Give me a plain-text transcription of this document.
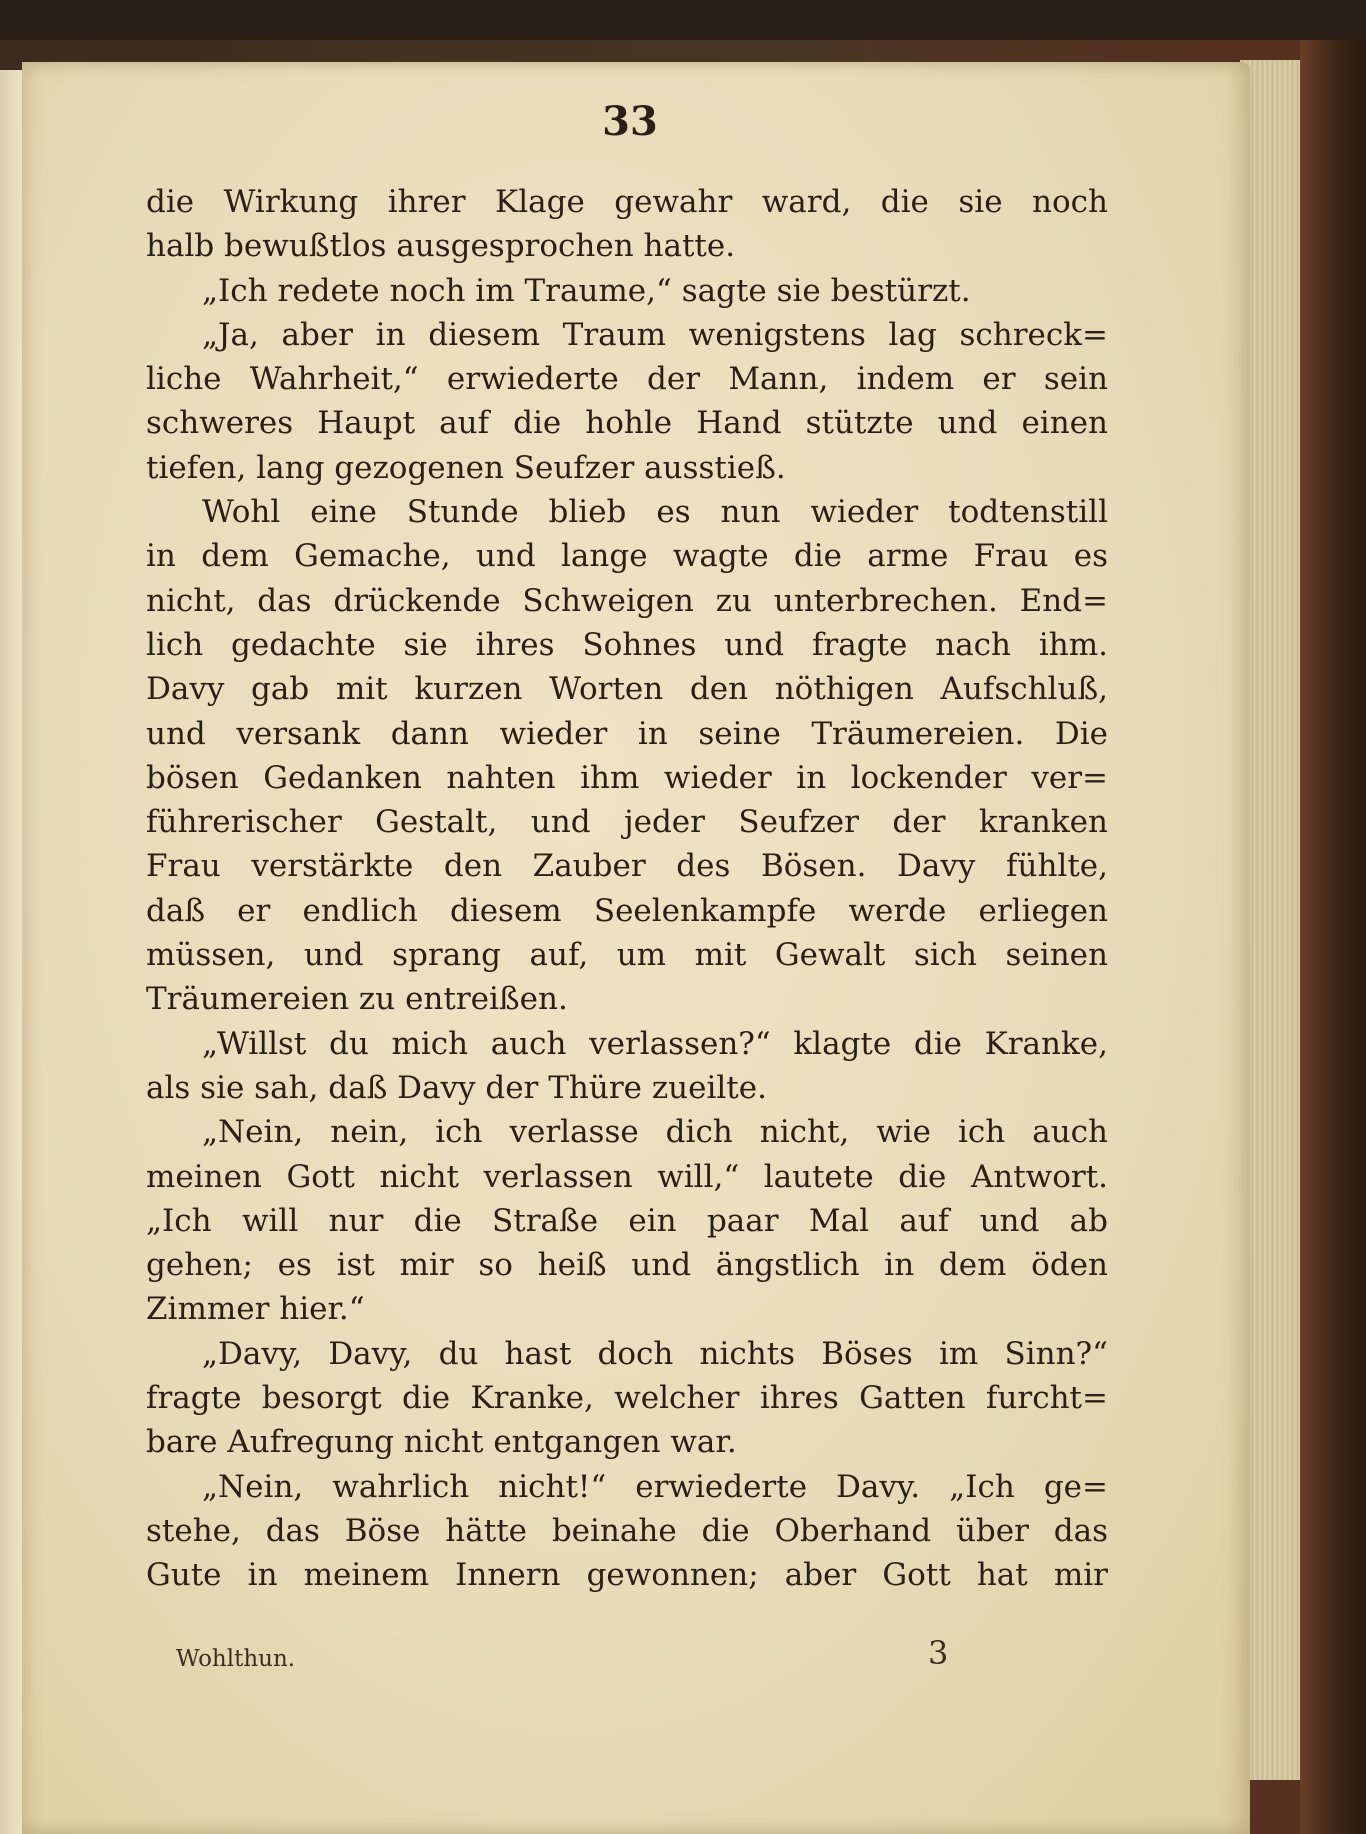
33
die Wirkung ihrer Klage gewahr ward, die sie noch
halb bewußtlos ausgesprochen hatte.
„Ich redete noch im Traume,“ sagte sie bestürzt.
„Ja, aber in diesem Traum wenigstens lag schreck=
liche Wahrheit,“ erwiederte der Mann, indem er sein
schweres Haupt auf die hohle Hand stützte und einen
tiefen, lang gezogenen Seufzer ausstieß.
Wohl eine Stunde blieb es nun wieder todtenstill
in dem Gemache, und lange wagte die arme Frau es
nicht, das drückende Schweigen zu unterbrechen. End=
lich gedachte sie ihres Sohnes und fragte nach ihm.
Davy gab mit kurzen Worten den nöthigen Aufschluß,
und versank dann wieder in seine Träumereien. Die
bösen Gedanken nahten ihm wieder in lockender ver=
führerischer Gestalt, und jeder Seufzer der kranken
Frau verstärkte den Zauber des Bösen. Davy fühlte,
daß er endlich diesem Seelenkampfe werde erliegen
müssen, und sprang auf, um mit Gewalt sich seinen
Träumereien zu entreißen.
„Willst du mich auch verlassen?“ klagte die Kranke,
als sie sah, daß Davy der Thüre zueilte.
„Nein, nein, ich verlasse dich nicht, wie ich auch
meinen Gott nicht verlassen will,“ lautete die Antwort.
„Ich will nur die Straße ein paar Mal auf und ab
gehen; es ist mir so heiß und ängstlich in dem öden
Zimmer hier.“
„Davy, Davy, du hast doch nichts Böses im Sinn?“
fragte besorgt die Kranke, welcher ihres Gatten furcht=
bare Aufregung nicht entgangen war.
„Nein, wahrlich nicht!“ erwiederte Davy. „Ich ge=
stehe, das Böse hätte beinahe die Oberhand über das
Gute in meinem Innern gewonnen; aber Gott hat mir
Wohlthun.	3
